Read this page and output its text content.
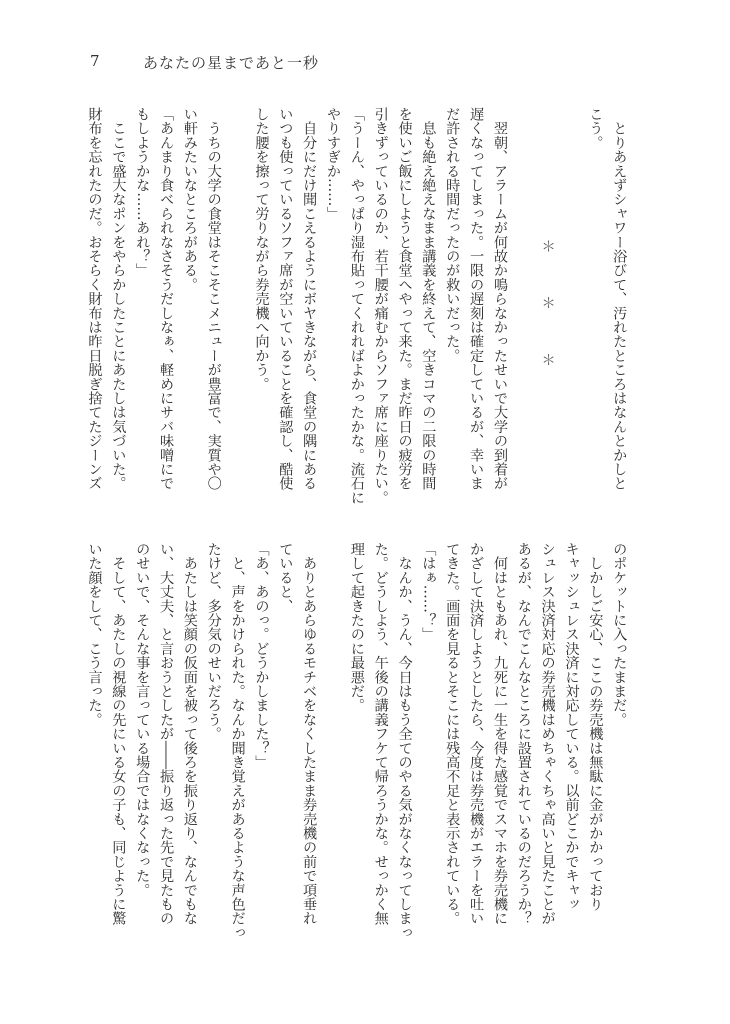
7	あなたの星まであと一秒
　とりあえずシャワー浴びて、汚れたところはなんとかしと
こう。
＊　　　＊　　　＊
　翌朝、アラームが何故か鳴らなかったせいで大学の到着が
遅くなってしまった。一限の遅刻は確定しているが、幸いま
だ許される時間だったのが救いだった。
　息も絶え絶えなまま講義を終えて、空きコマの二限の時間
を使いご飯にしようと食堂へやって来た。まだ昨日の疲労を
引きずっているのか、若干腰が痛むからソファ席に座りたい。
「うーん、やっぱり湿布貼ってくれればよかったかな。流石に
やりすぎか……」
　自分にだけ聞こえるようにボヤきながら、食堂の隅にある
いつも使っているソファ席が空いていることを確認し、酷使
した腰を擦って労りながら券売機へ向かう。
　うちの大学の食堂はそこそこメニューが豊富で、実質や〇
い軒みたいなところがある。
「あんまり食べられなさそうだしなぁ、軽めにサバ味噌にで
もしようかな……あれ？」
　ここで盛大なポンをやらかしたことにあたしは気づいた。
財布を忘れたのだ。おそらく財布は昨日脱ぎ捨てたジーンズ
のポケットに入ったままだ。
　しかしご安心、ここの券売機は無駄に金がかかっており
キャッシュレス決済に対応している。以前どこかでキャッ
シュレス決済対応の券売機はめちゃくちゃ高いと見たことが
あるが、なんでこんなところに設置されているのだろうか？
　何はともあれ、九死に一生を得た感覚でスマホを券売機に
かざして決済しようとしたら、今度は券売機がエラーを吐い
てきた。画面を見るとそこには残高不足と表示されている。
「はぁ……？」
　なんか、うん、今日はもう全てのやる気がなくなってしまっ
た。どうしよう、午後の講義フケて帰ろうかな。せっかく無
理して起きたのに最悪だ。
　ありとあらゆるモチベをなくしたまま券売機の前で項垂れ
ていると、
「あ、あのっ。どうかしました？」
　と、声をかけられた。なんか聞き覚えがあるような声色だっ
たけど、多分気のせいだろう。
　あたしは笑顔の仮面を被って後ろを振り返り、なんでもな
い、大丈夫、と言おうとしたが――振り返った先で見たもの
のせいで、そんな事を言っている場合ではなくなった。
　そして、あたしの視線の先にいる女の子も、同じように驚
いた顔をして、こう言った。
